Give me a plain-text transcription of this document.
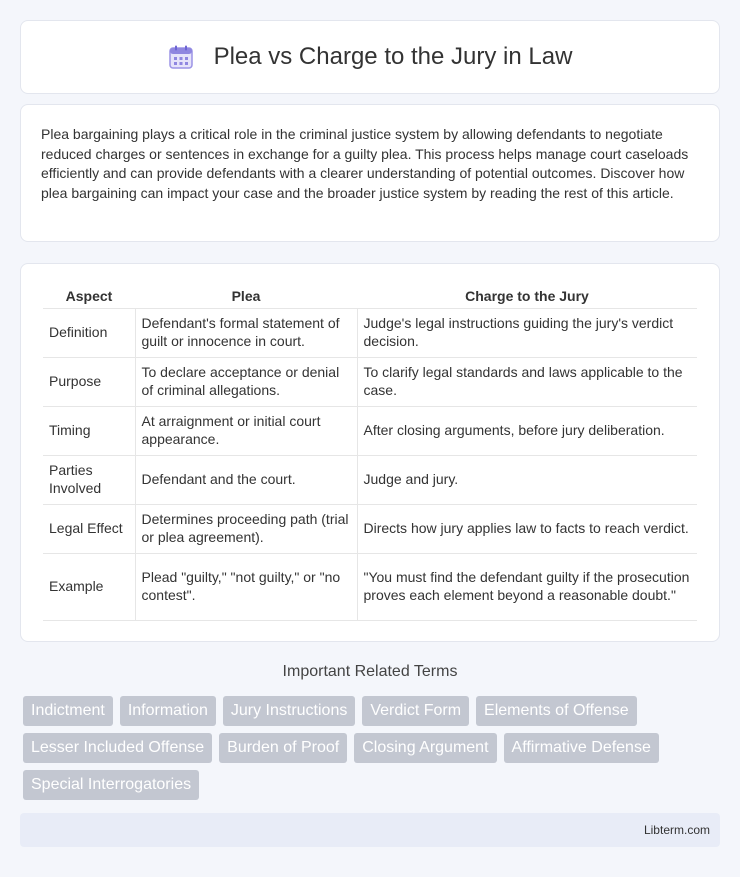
Plea vs Charge to the Jury in Law

Plea bargaining plays a critical role in the criminal justice system by allowing defendants to negotiate reduced charges or sentences in exchange for a guilty plea. This process helps manage court caseloads efficiently and can provide defendants with a clearer understanding of potential outcomes. Discover how plea bargaining can impact your case and the broader justice system by reading the rest of this article.

Aspect	Plea	Charge to the Jury
Definition	Defendant's formal statement of guilt or innocence in court.	Judge's legal instructions guiding the jury's verdict decision.
Purpose	To declare acceptance or denial of criminal allegations.	To clarify legal standards and laws applicable to the case.
Timing	At arraignment or initial court appearance.	After closing arguments, before jury deliberation.
Parties Involved	Defendant and the court.	Judge and jury.
Legal Effect	Determines proceeding path (trial or plea agreement).	Directs how jury applies law to facts to reach verdict.
Example	Plead "guilty," "not guilty," or "no contest".	"You must find the defendant guilty if the prosecution proves each element beyond a reasonable doubt."
Important Related Terms
Indictment	Information	Jury Instructions	Verdict Form	Elements of Offense
Lesser Included Offense	Burden of Proof	Closing Argument	Affirmative Defense
Special Interrogatories
Libterm.com
